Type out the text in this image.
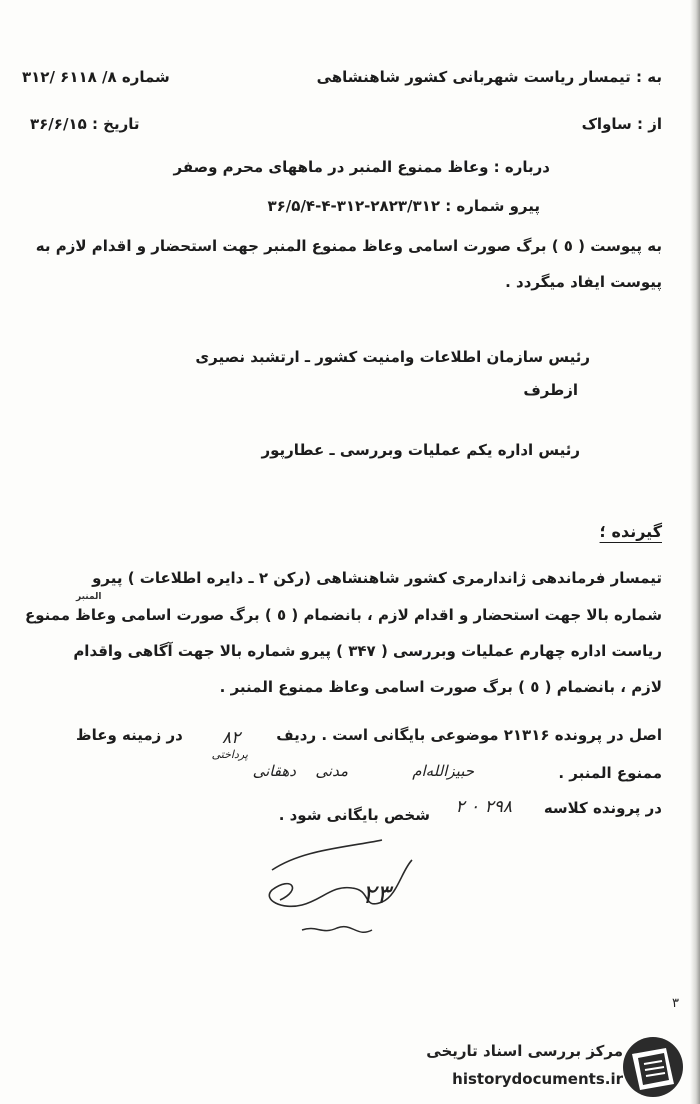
به : تیمسار ریاست شهربانی کشور شاهنشاهی
شماره ۸/ ۶۱۱۸ /۳۱۲
از : ساواک
تاریخ : ۳۶/۶/۱۵
درباره : وعاظ ممنوع المنبر در ماههای محرم وصفر
پیرو شماره : ۲۸۲۳/۳۱۲-۳۱۲-۴-۳۶/۵/۴
به پیوست ( ٥ ) برگ صورت اسامی وعاظ ممنوع المنبر جهت استحضار و اقدام لازم به
پیوست ایفاد میگردد .
رئیس سازمان اطلاعات وامنیت کشور ـ ارتشبد نصیری
ازطرف
رئیس اداره یکم عملیات وبررسی ـ عطارپور
گیرنده ؛
تیمسار فرماندهی ژاندارمری کشور شاهنشاهی (رکن ۲ ـ دایره اطلاعات ) پیرو
المنبر
شماره بالا جهت استحضار و اقدام لازم ، بانضمام ( ٥ ) برگ صورت اسامی وعاظ ممنوع
ریاست اداره چهارم عملیات وبررسی ( ۳۴۷ ) پیرو شماره بالا جهت آگاهی واقدام
لازم ، بانضمام ( ٥ ) برگ صورت اسامی وعاظ ممنوع المنبر .
اصل در پرونده ۲۱۳۱۶ موضوعی بایگانی است . ردیف
۸۲
در زمینه وعاظ
ممنوع المنبر .
حبیزالله‌ام
مدنی
دهقانی
پرداختی
در پرونده کلاسه
۲۹۸ ۰ ۲
شخص بایگانی شود .
۲۳
۳
مرکز بررسی اسناد تاریخی
historydocuments.ir
